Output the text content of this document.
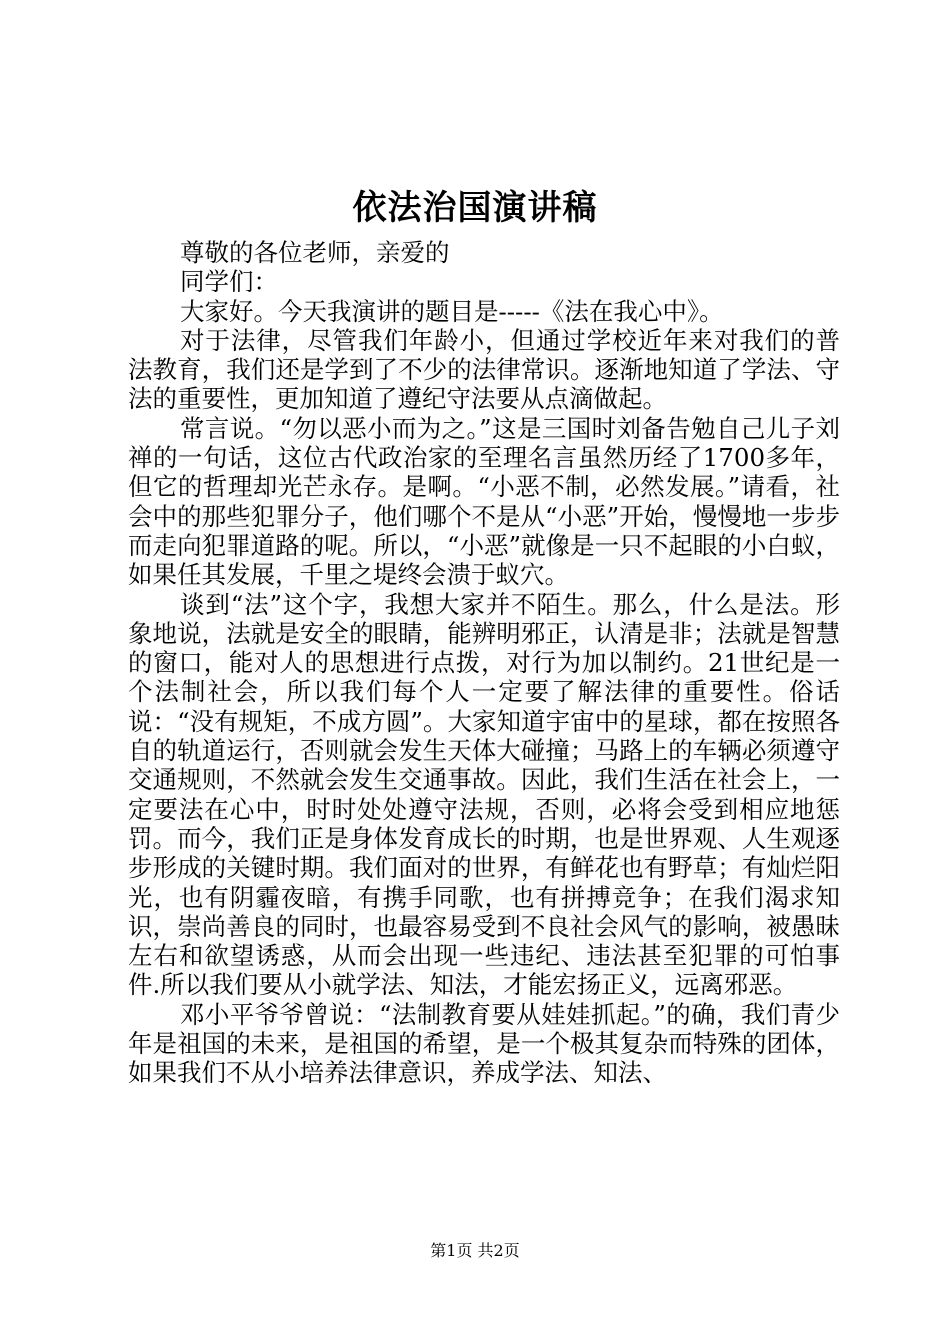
依法治国演讲稿

尊敬的各位老师，亲爱的

同学们：

大家好。今天我演讲的题目是-----《法在我心中》。

对于法律，尽管我们年龄小，但通过学校近年来对我们的普法教育，我们还是学到了不少的法律常识。逐渐地知道了学法、守法的重要性，更加知道了遵纪守法要从点滴做起。

常言说。“勿以恶小而为之。”这是三国时刘备告勉自己儿子刘禅的一句话，这位古代政治家的至理名言虽然历经了1700多年，但它的哲理却光芒永存。是啊。“小恶不制，必然发展。”请看，社会中的那些犯罪分子，他们哪个不是从“小恶”开始，慢慢地一步步而走向犯罪道路的呢。所以，“小恶”就像是一只不起眼的小白蚁，如果任其发展，千里之堤终会溃于蚁穴。

谈到“法”这个字，我想大家并不陌生。那么，什么是法。形象地说，法就是安全的眼睛，能辨明邪正，认清是非；法就是智慧的窗口，能对人的思想进行点拨，对行为加以制约。21世纪是一个法制社会，所以我们每个人一定要了解法律的重要性。俗话说：“没有规矩，不成方圆”。大家知道宇宙中的星球，都在按照各自的轨道运行，否则就会发生天体大碰撞；马路上的车辆必须遵守交通规则，不然就会发生交通事故。因此，我们生活在社会上，一定要法在心中，时时处处遵守法规，否则，必将会受到相应地惩罚。而今，我们正是身体发育成长的时期，也是世界观、人生观逐步形成的关键时期。我们面对的世界，有鲜花也有野草；有灿烂阳光，也有阴霾夜暗，有携手同歌，也有拼搏竞争；在我们渴求知识，崇尚善良的同时，也最容易受到不良社会风气的影响，被愚昧左右和欲望诱惑，从而会出现一些违纪、违法甚至犯罪的可怕事件.所以我们要从小就学法、知法，才能宏扬正义，远离邪恶。

邓小平爷爷曾说：“法制教育要从娃娃抓起。”的确，我们青少年是祖国的未来，是祖国的希望，是一个极其复杂而特殊的团体，如果我们不从小培养法律意识，养成学法、知法、

第1页 共2页
